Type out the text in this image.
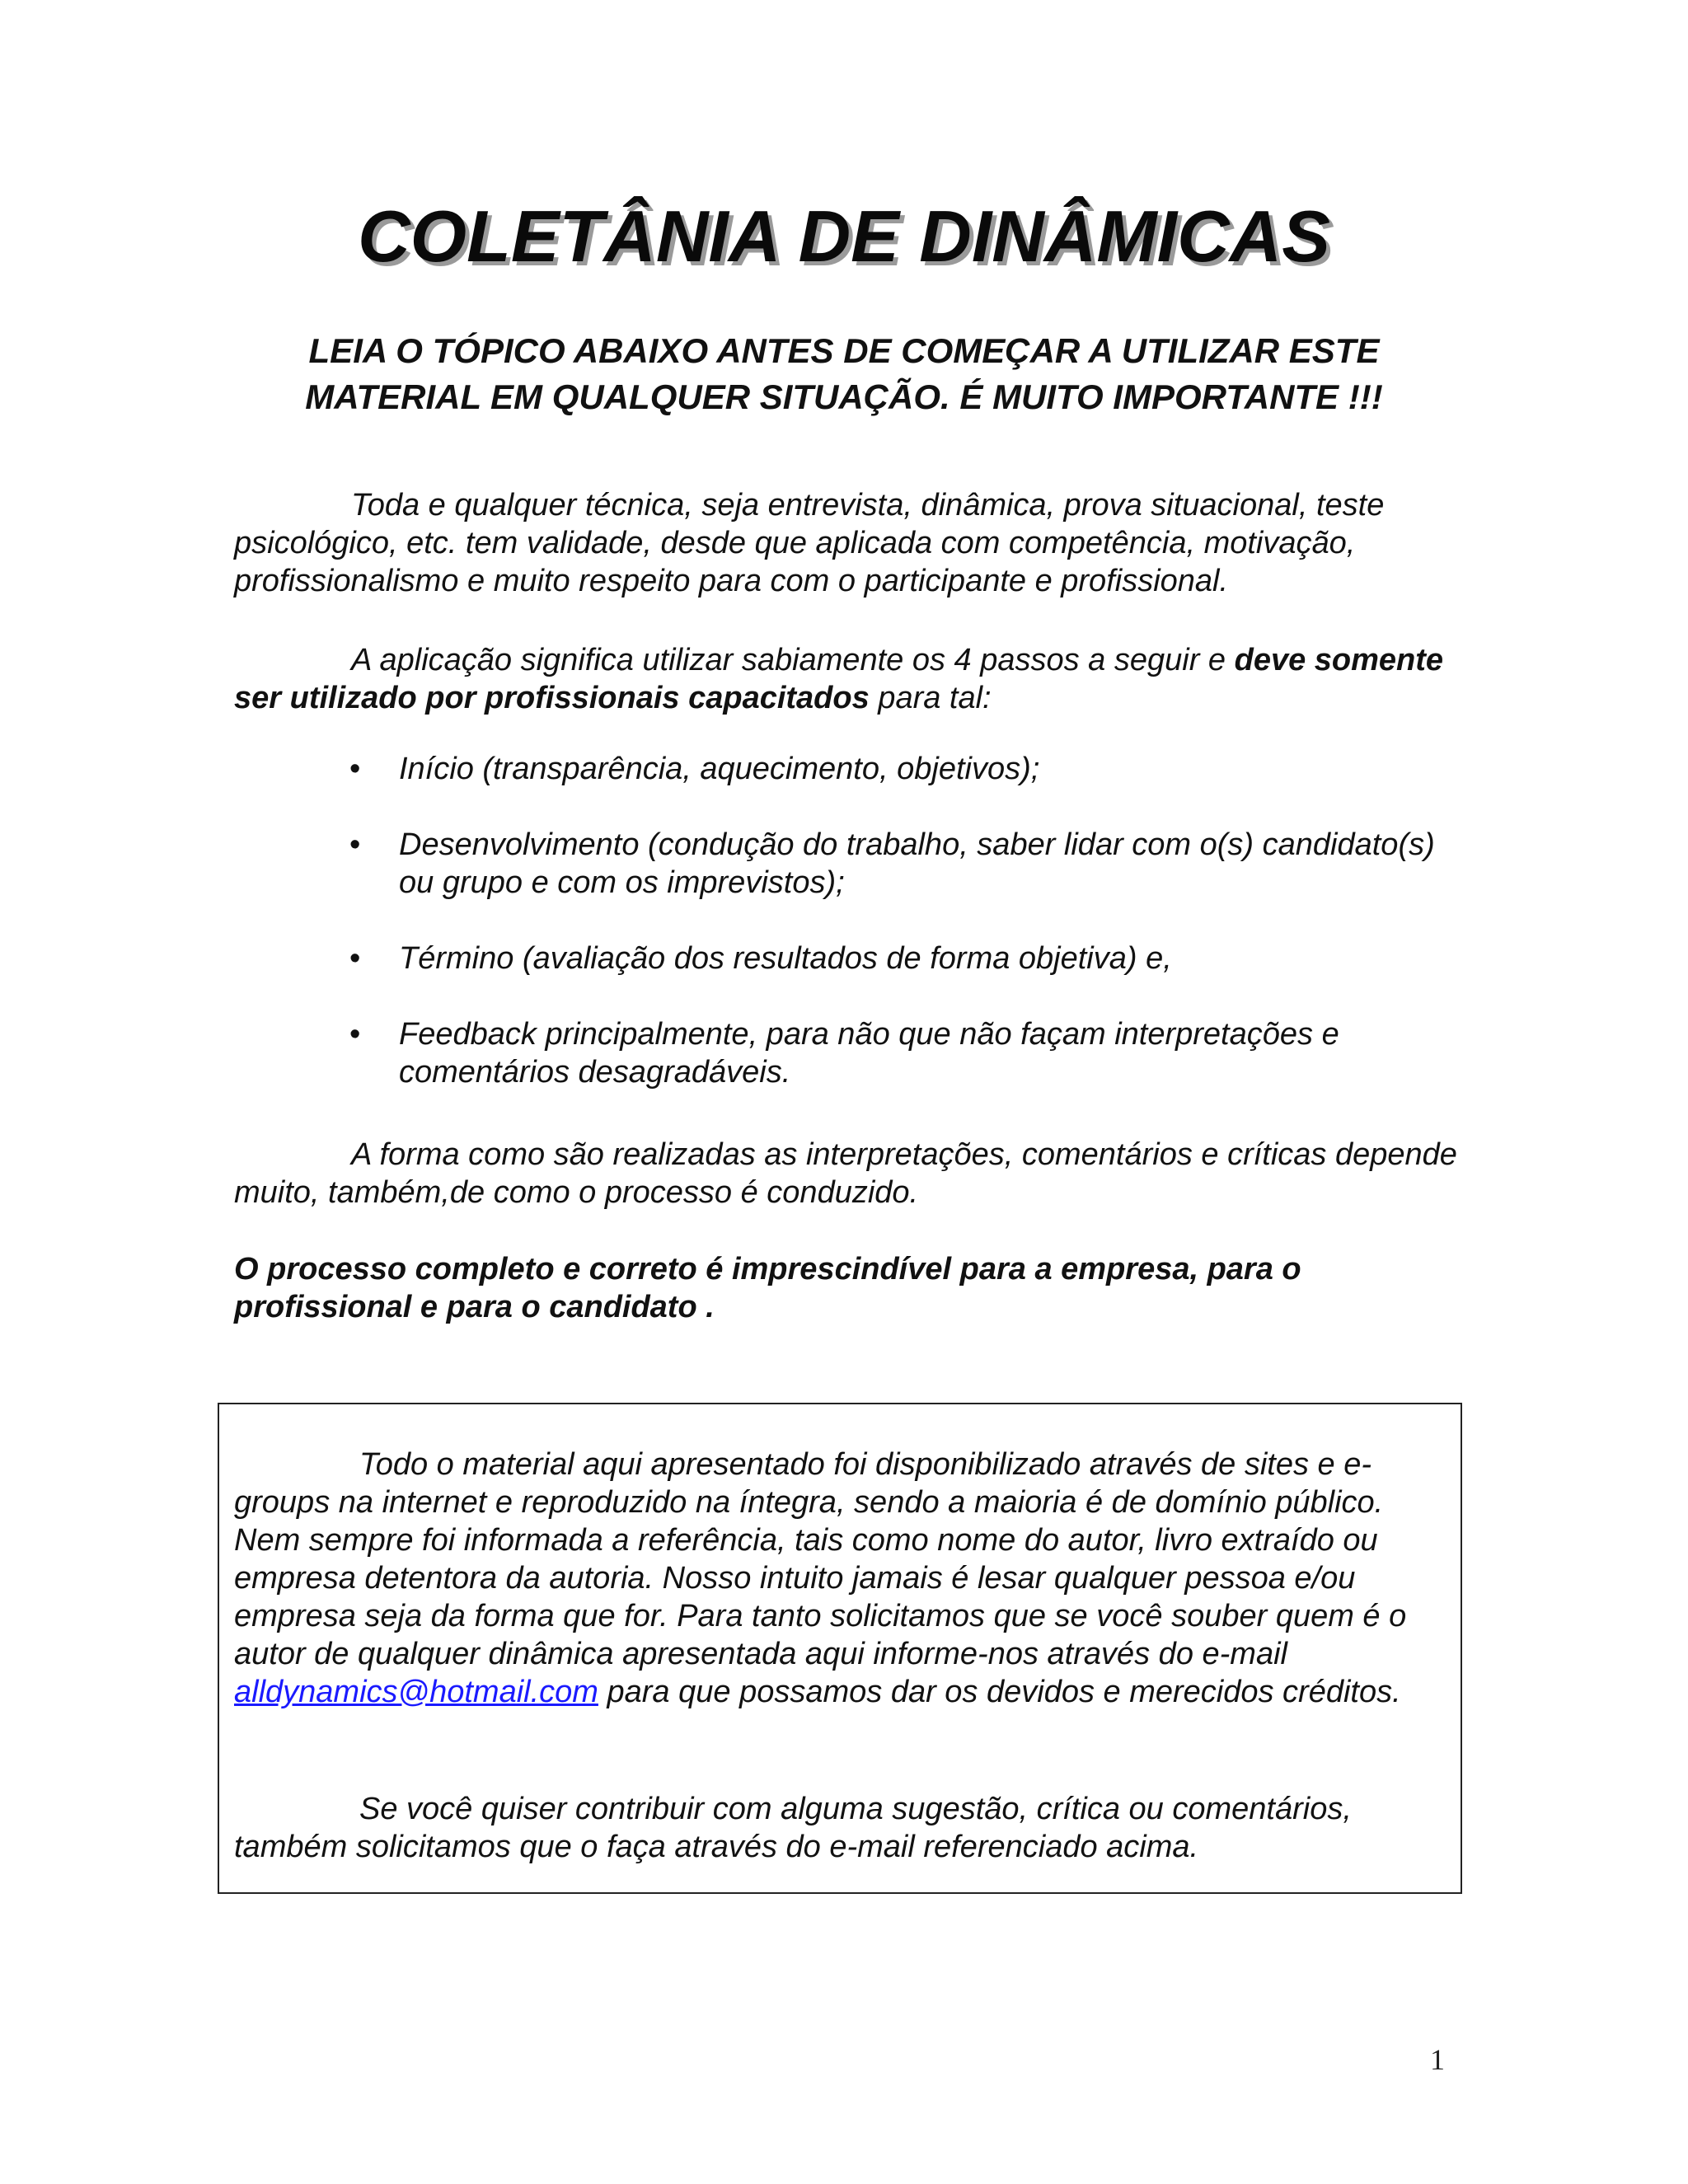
COLETÂNIA DE DINÂMICAS
LEIA O TÓPICO ABAIXO ANTES DE COMEÇAR A UTILIZAR ESTE
MATERIAL EM QUALQUER SITUAÇÃO. É MUITO IMPORTANTE !!!

Toda e qualquer técnica, seja entrevista, dinâmica, prova situacional, teste psicológico, etc. tem validade, desde que aplicada com competência, motivação, profissionalismo e muito respeito para com o participante e profissional.

A aplicação significa utilizar sabiamente os 4 passos a seguir e deve somente ser utilizado por profissionais capacitados para tal:

• Início (transparência, aquecimento, objetivos);
• Desenvolvimento (condução do trabalho, saber lidar com o(s) candidato(s) ou grupo e com os imprevistos);
• Término (avaliação dos resultados de forma objetiva) e,
• Feedback principalmente, para não que não façam interpretações e comentários desagradáveis.

A forma como são realizadas as interpretações, comentários e críticas depende muito, também,de como o processo é conduzido.

O processo completo e correto é imprescindível para a empresa, para o profissional e para o candidato .

Todo o material aqui apresentado foi disponibilizado através de sites e e-groups na internet e reproduzido na íntegra, sendo a maioria é de domínio público. Nem sempre foi informada a referência, tais como nome do autor, livro extraído ou empresa detentora da autoria. Nosso intuito jamais é lesar qualquer pessoa e/ou empresa seja da forma que for. Para tanto solicitamos que se você souber quem é o autor de qualquer dinâmica apresentada aqui informe-nos através do e-mail alldynamics@hotmail.com para que possamos dar os devidos e merecidos créditos.

Se você quiser contribuir com alguma sugestão, crítica ou comentários, também solicitamos que o faça através do e-mail referenciado acima.

1
